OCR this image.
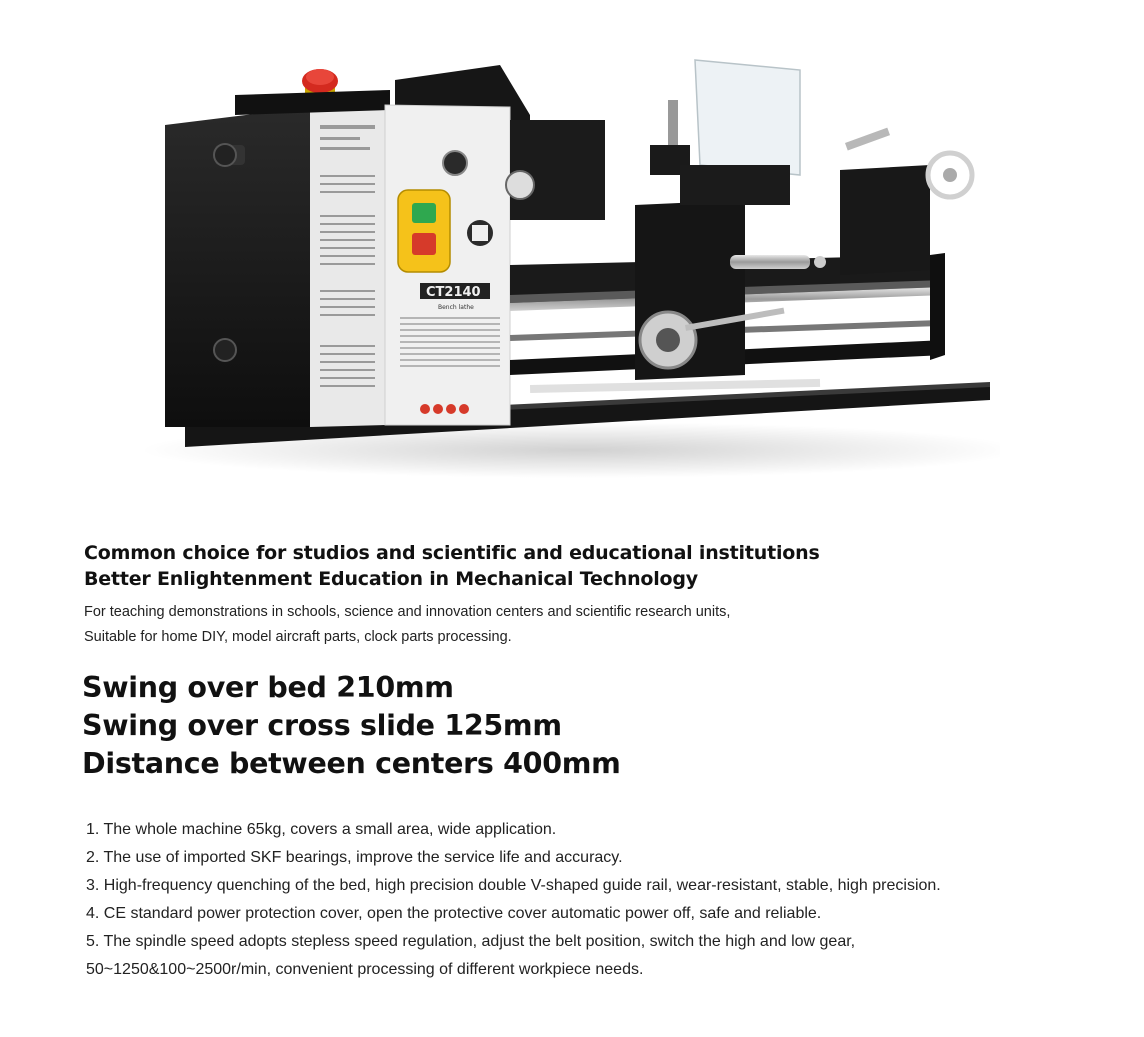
CT2140
Bench lathe
Common choice for studios and scientific and educational institutions
Better Enlightenment Education in Mechanical Technology
For teaching demonstrations in schools, science and innovation centers and scientific research units,
Suitable for home DIY, model aircraft parts, clock parts processing.
Swing over bed 210mm
Swing over cross slide 125mm
Distance between centers 400mm
1. The whole machine 65kg, covers a small area, wide application.
2. The use of imported SKF bearings, improve the service life and accuracy.
3. High-frequency quenching of the bed, high precision double V-shaped guide rail, wear-resistant, stable, high precision.
4. CE standard power protection cover, open the protective cover automatic power off, safe and reliable.
5. The spindle speed adopts stepless speed regulation, adjust the belt position, switch the high and low gear, 50~1250&100~2500r/min, convenient processing of different workpiece needs.
